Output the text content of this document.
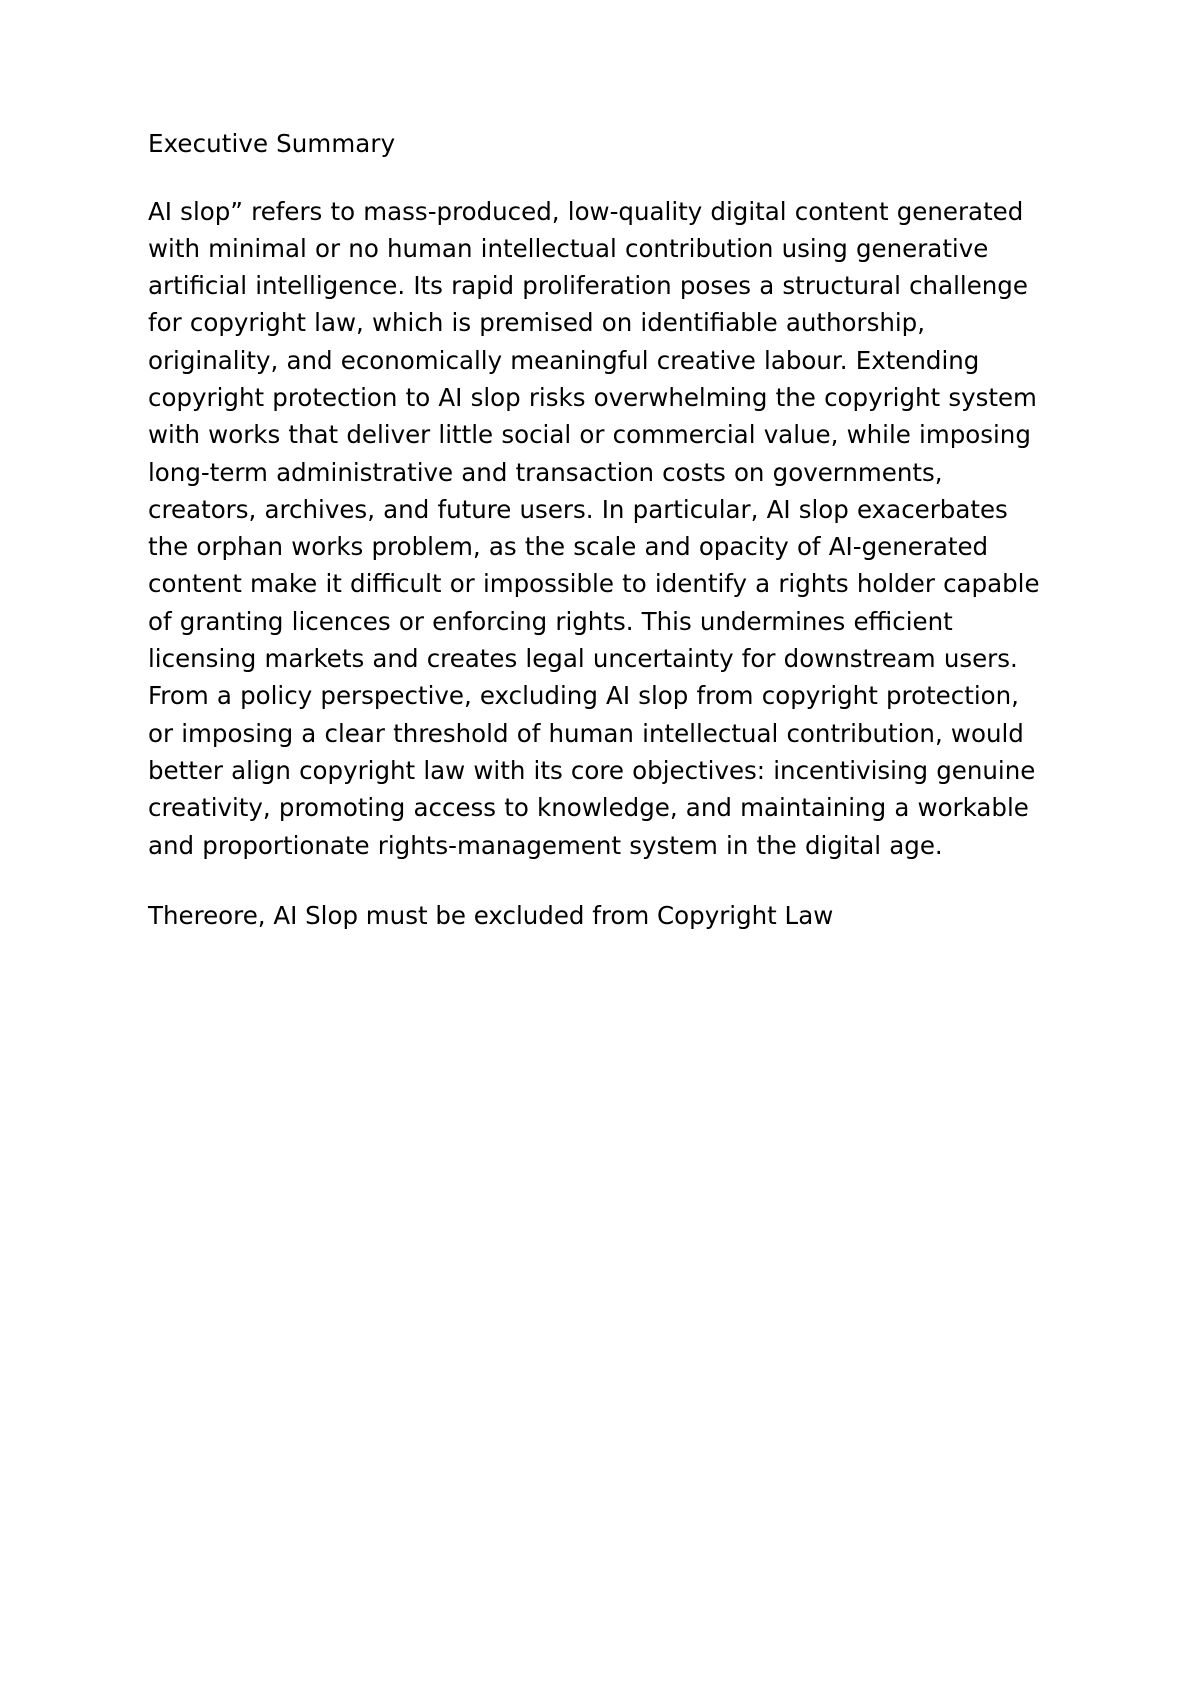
Executive Summary

AI slop” refers to mass-produced, low-quality digital content generated with minimal or no human intellectual contribution using generative artificial intelligence. Its rapid proliferation poses a structural challenge for copyright law, which is premised on identifiable authorship, originality, and economically meaningful creative labour. Extending copyright protection to AI slop risks overwhelming the copyright system with works that deliver little social or commercial value, while imposing long-term administrative and transaction costs on governments, creators, archives, and future users. In particular, AI slop exacerbates the orphan works problem, as the scale and opacity of AI-generated content make it difficult or impossible to identify a rights holder capable of granting licences or enforcing rights. This undermines efficient licensing markets and creates legal uncertainty for downstream users. From a policy perspective, excluding AI slop from copyright protection, or imposing a clear threshold of human intellectual contribution, would better align copyright law with its core objectives: incentivising genuine creativity, promoting access to knowledge, and maintaining a workable and proportionate rights-management system in the digital age.

Thereore, AI Slop must be excluded from Copyright Law
